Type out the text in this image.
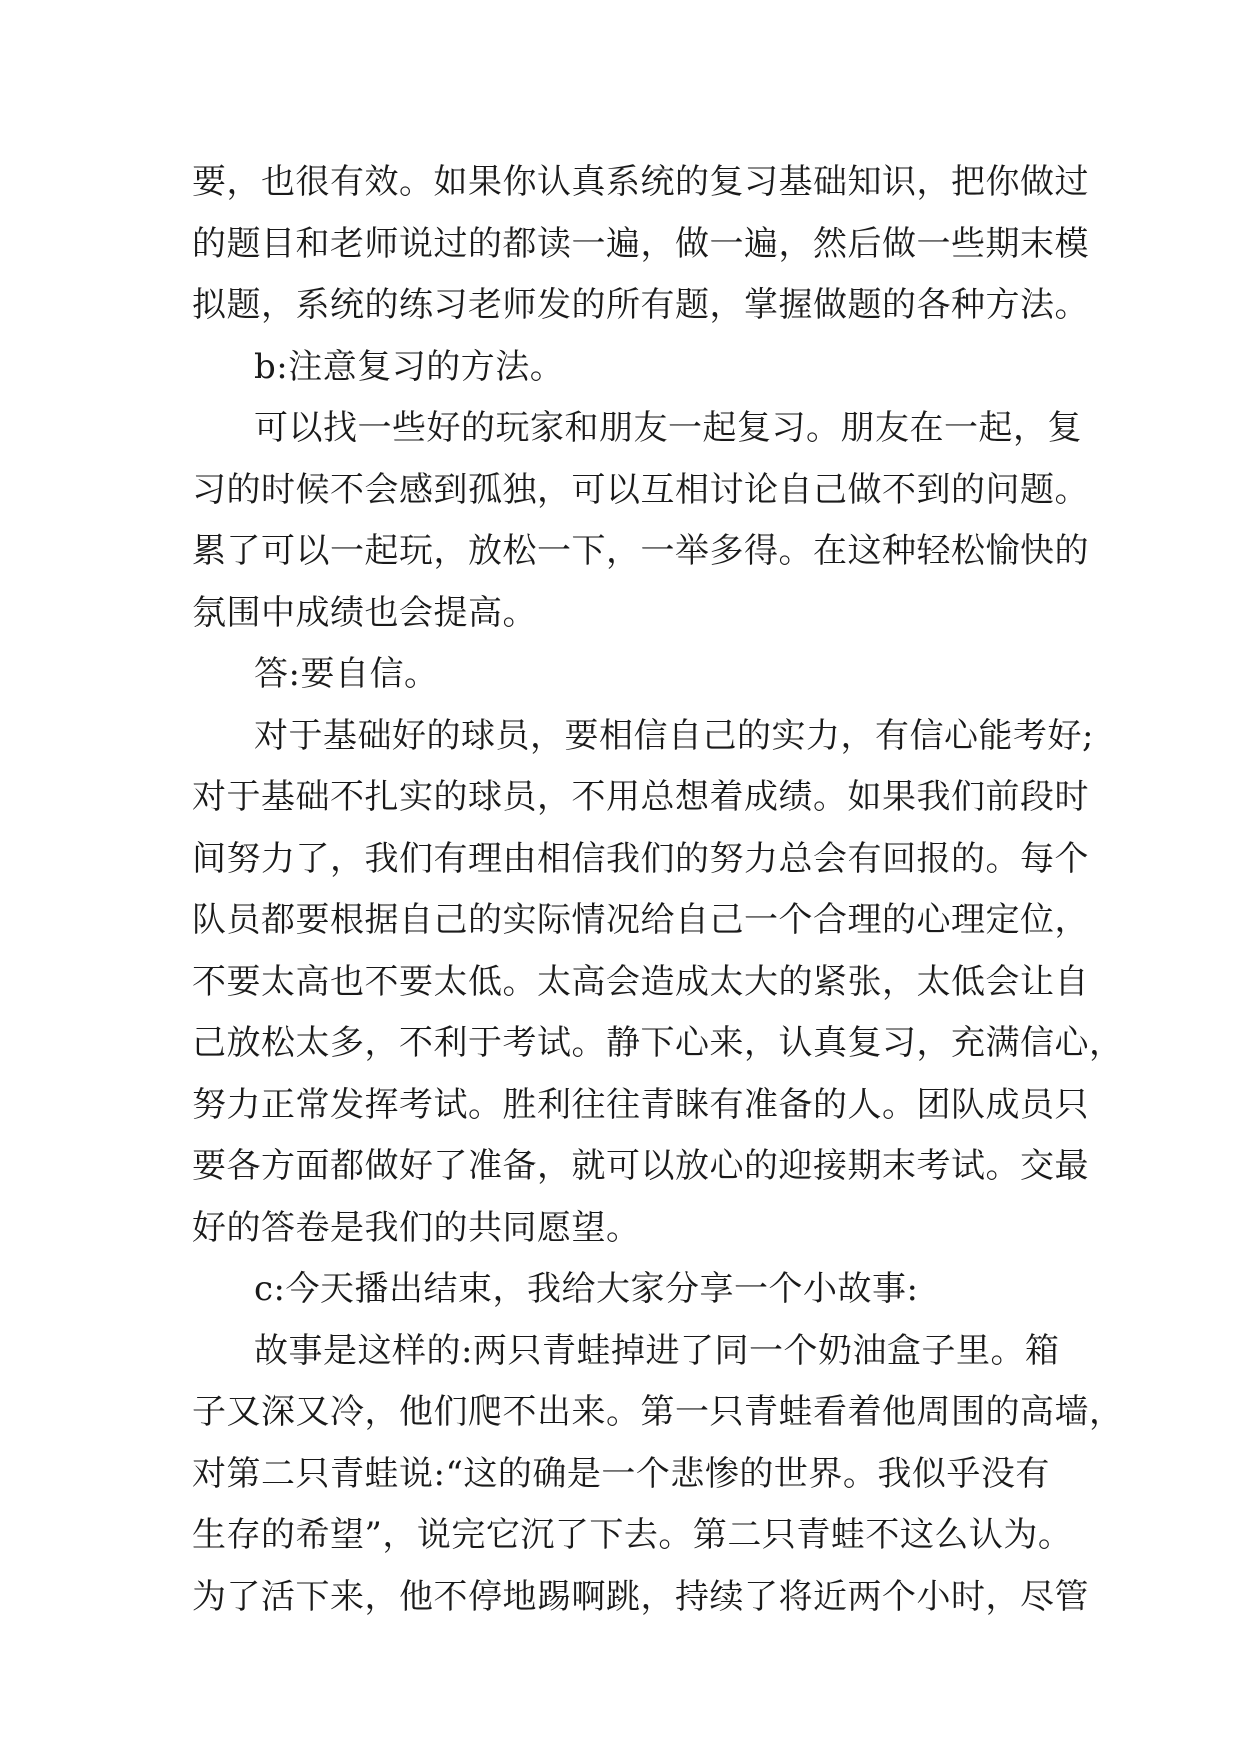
要，也很有效。如果你认真系统的复习基础知识，把你做过
的题目和老师说过的都读一遍，做一遍，然后做一些期末模
拟题，系统的练习老师发的所有题，掌握做题的各种方法。
b:注意复习的方法。
可以找一些好的玩家和朋友一起复习。朋友在一起，复
习的时候不会感到孤独，可以互相讨论自己做不到的问题。
累了可以一起玩，放松一下，一举多得。在这种轻松愉快的
氛围中成绩也会提高。
答:要自信。
对于基础好的球员，要相信自己的实力，有信心能考好;
对于基础不扎实的球员，不用总想着成绩。如果我们前段时
间努力了，我们有理由相信我们的努力总会有回报的。每个
队员都要根据自己的实际情况给自己一个合理的心理定位，
不要太高也不要太低。太高会造成太大的紧张，太低会让自
己放松太多，不利于考试。静下心来，认真复习，充满信心，
努力正常发挥考试。胜利往往青睐有准备的人。团队成员只
要各方面都做好了准备，就可以放心的迎接期末考试。交最
好的答卷是我们的共同愿望。
c:今天播出结束，我给大家分享一个小故事:
故事是这样的:两只青蛙掉进了同一个奶油盒子里。箱
子又深又冷，他们爬不出来。第一只青蛙看着他周围的高墙，
对第二只青蛙说:“这的确是一个悲惨的世界。我似乎没有
生存的希望”，说完它沉了下去。第二只青蛙不这么认为。
为了活下来，他不停地踢啊跳，持续了将近两个小时，尽管
